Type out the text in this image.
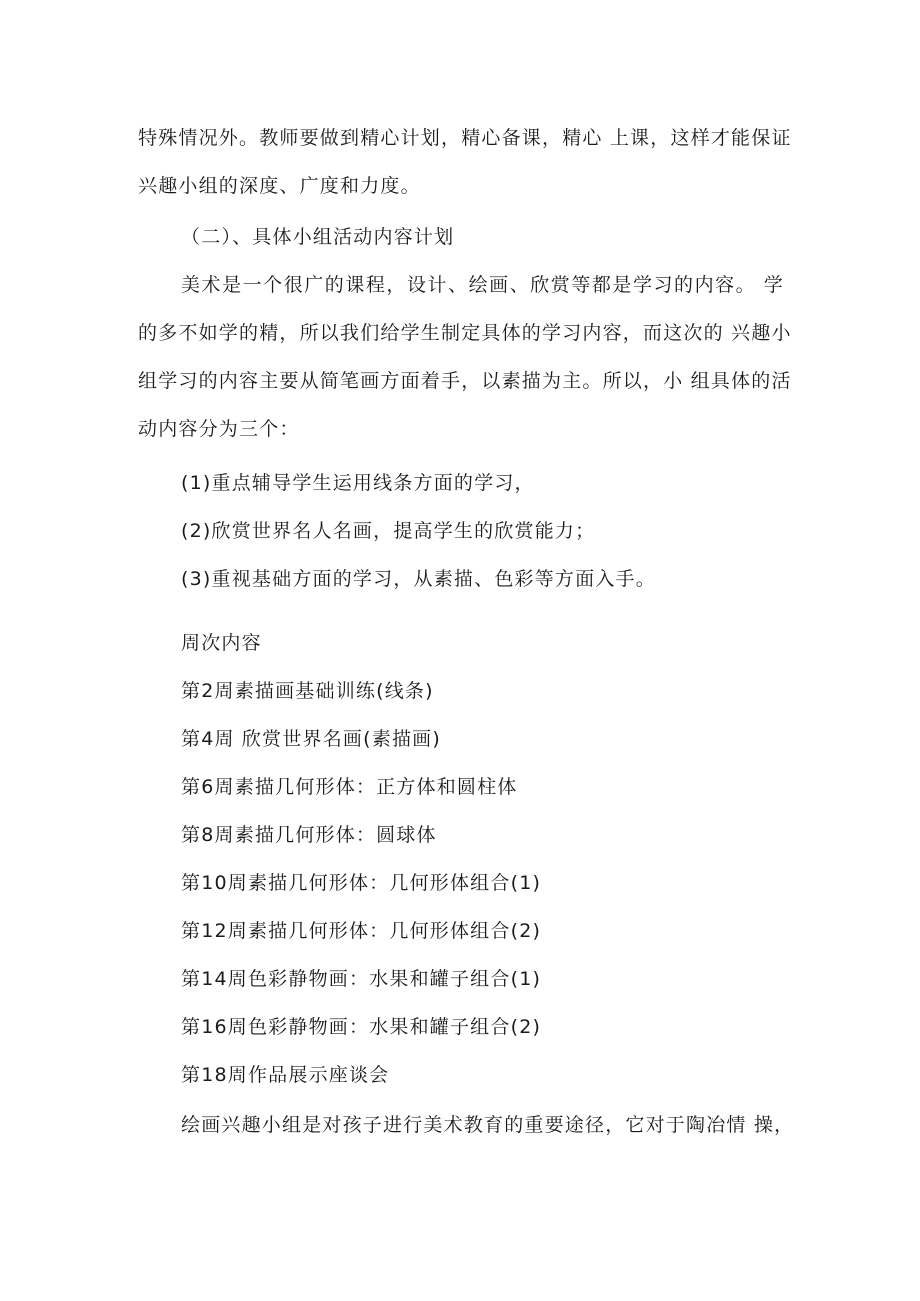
特殊情况外。教师要做到精心计划，精心备课，精心 上课，这样才能保证
兴趣小组的深度、广度和力度。
（二）、具体小组活动内容计划
美术是一个很广的课程，设计、绘画、欣赏等都是学习的内容。 学
的多不如学的精，所以我们给学生制定具体的学习内容，而这次的 兴趣小
组学习的内容主要从简笔画方面着手，以素描为主。所以，小 组具体的活
动内容分为三个：
(1)重点辅导学生运用线条方面的学习，
(2)欣赏世界名人名画，提高学生的欣赏能力；
(3)重视基础方面的学习，从素描、色彩等方面入手。
周次内容
第2周素描画基础训练(线条)
第4周 欣赏世界名画(素描画)
第6周素描几何形体：正方体和圆柱体
第8周素描几何形体：圆球体
第10周素描几何形体：几何形体组合(1)
第12周素描几何形体：几何形体组合(2)
第14周色彩静物画：水果和罐子组合(1)
第16周色彩静物画：水果和罐子组合(2)
第18周作品展示座谈会
绘画兴趣小组是对孩子进行美术教育的重要途径，它对于陶冶情 操，
